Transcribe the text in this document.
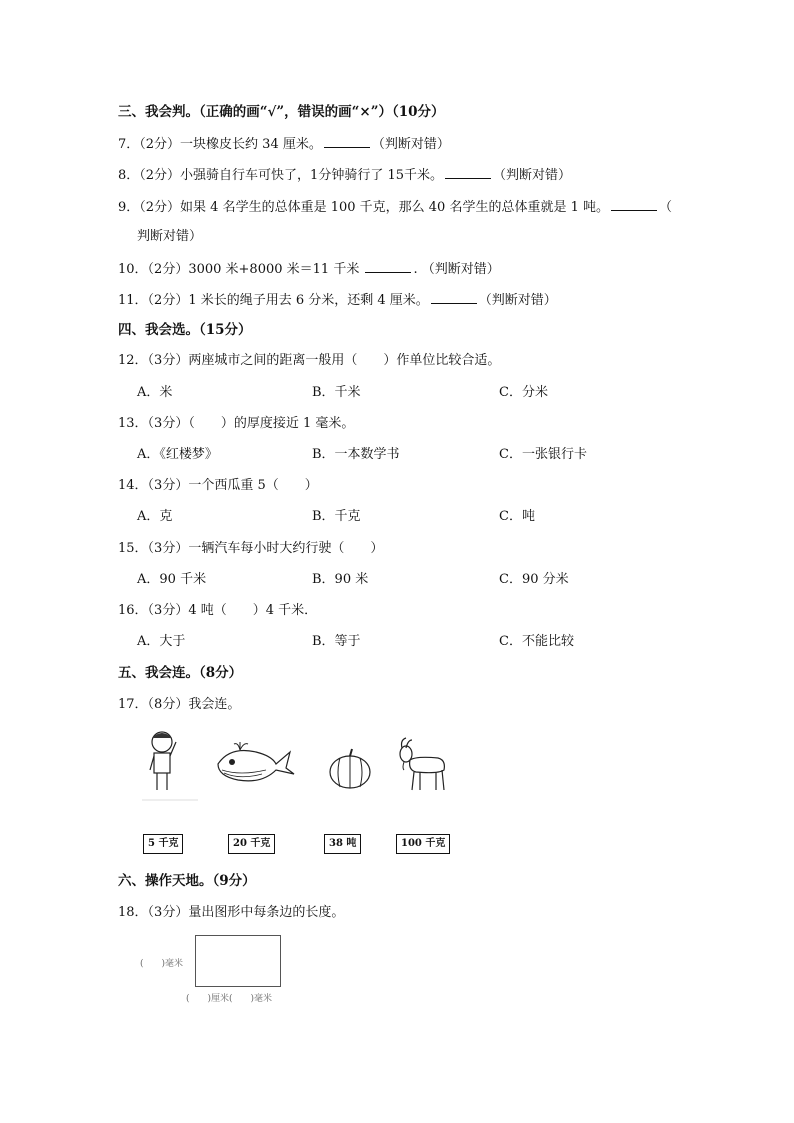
三、我会判。（正确的画“√”，错误的画“×”）（10分）
7．（2分）一块橡皮长约 34 厘米。	（判断对错）
8．（2分）小强骑自行车可快了，1分钟骑行了 15千米。	（判断对错）
9．（2分）如果 4 名学生的总体重是 100 千克，那么 40 名学生的总体重就是 1 吨。	（
判断对错）
10．（2分）3000 米+8000 米＝11 千米	. （判断对错）
11．（2分）1 米长的绳子用去 6 分米，还剩 4 厘米。	（判断对错）
四、我会选。（15分）
12．（3分）两座城市之间的距离一般用（　　）作单位比较合适。
A．米	B．千米	C．分米
13．（3分）（　　）的厚度接近 1 毫米。
A．《红楼梦》	B．一本数学书	C．一张银行卡
14．（3分）一个西瓜重 5（　　）
A．克	B．千克	C．吨
15．（3分）一辆汽车每小时大约行驶（　　）
A．90 千米	B．90 米	C．90 分米
16．（3分）4 吨（　　）4 千米．
A．大于	B．等于	C．不能比较
五、我会连。（8分）
17．（8分）我会连。
5 千克	20 千克	38 吨	100 千克
六、操作天地。（9分）
18．（3分）量出图形中每条边的长度。
(　　)毫米
(　　)厘米(　　)毫米
